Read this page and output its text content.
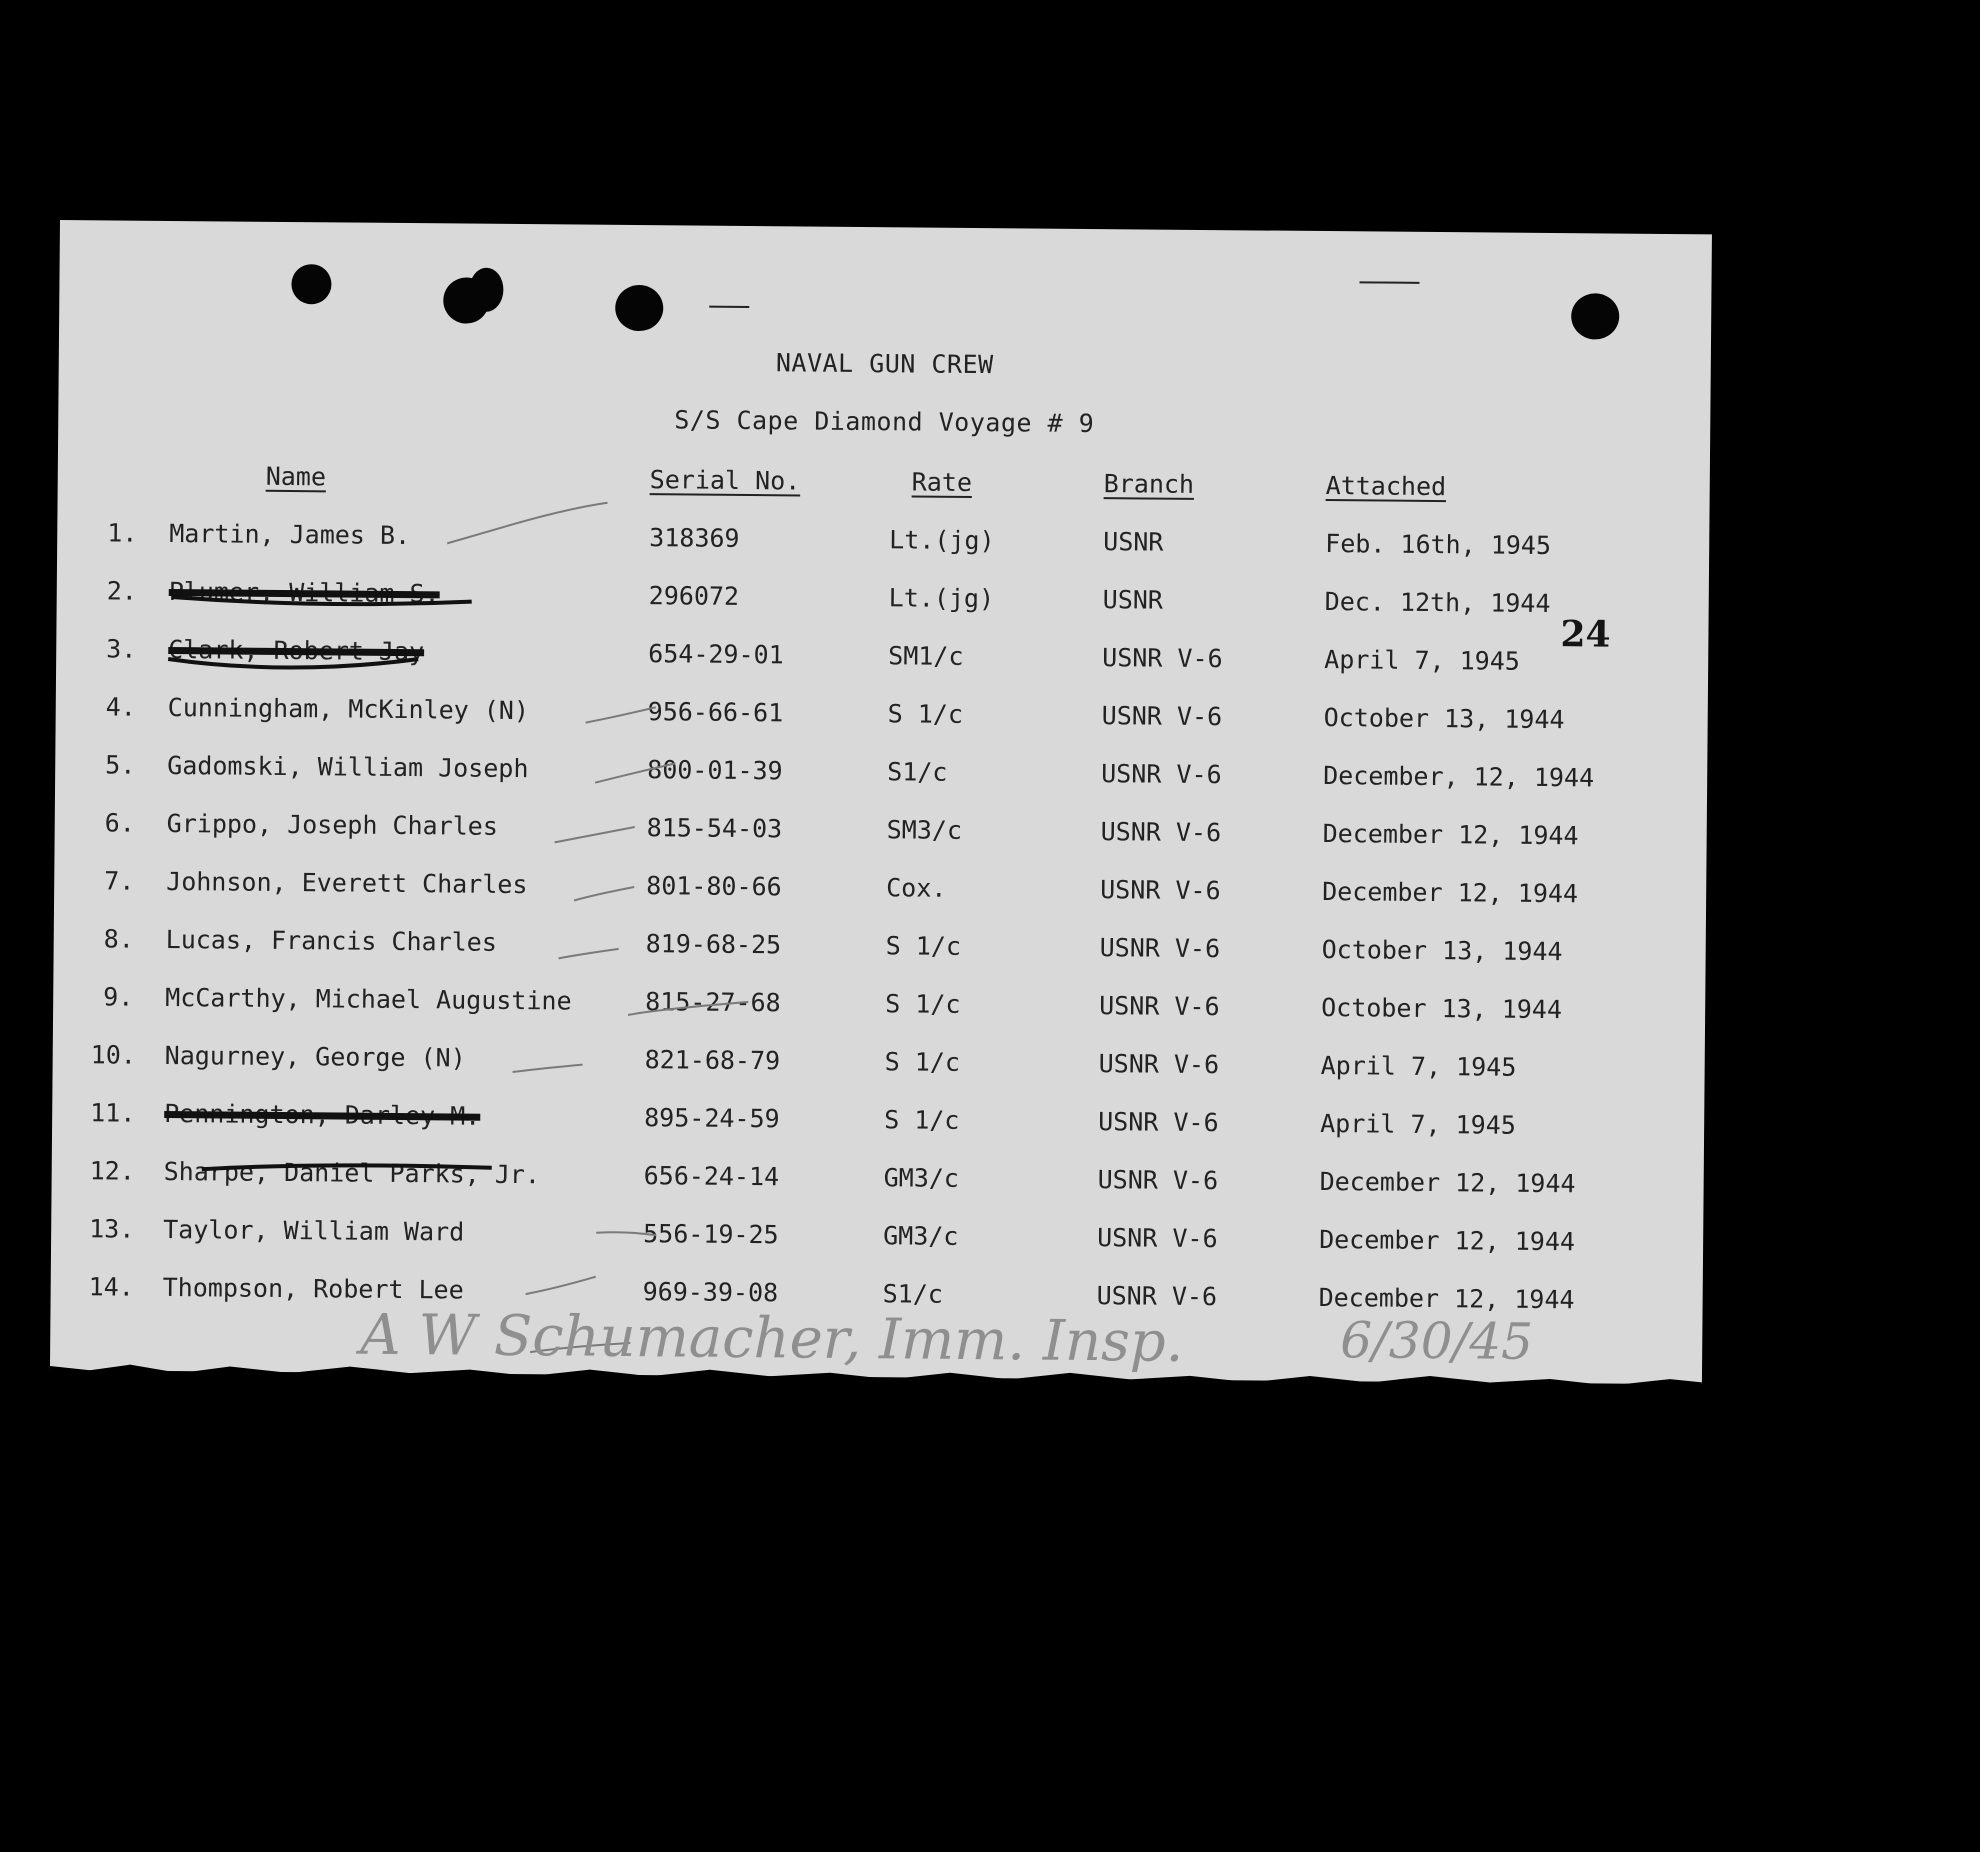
NAVAL GUN CREW
S/S Cape Diamond Voyage # 9
Name	Serial No.	Rate	Branch	Attached
24
1. Martin, James B.	318369	Lt.(jg)	USNR	Feb. 16th, 1945
2. Plumer, William S.	296072	Lt.(jg)	USNR	Dec. 12th, 1944
3. Clark, Robert Jay	654-29-01	SM1/c	USNR V-6	April 7, 1945
4. Cunningham, McKinley (N)	956-66-61	S 1/c	USNR V-6	October 13, 1944
5. Gadomski, William Joseph	800-01-39	S1/c	USNR V-6	December, 12, 1944
6. Grippo, Joseph Charles	815-54-03	SM3/c	USNR V-6	December 12, 1944
7. Johnson, Everett Charles	801-80-66	Cox.	USNR V-6	December 12, 1944
8. Lucas, Francis Charles	819-68-25	S 1/c	USNR V-6	October 13, 1944
9. McCarthy, Michael Augustine	815-27-68	S 1/c	USNR V-6	October 13, 1944
10. Nagurney, George (N)	821-68-79	S 1/c	USNR V-6	April 7, 1945
11. Pennington, Darley M.	895-24-59	S 1/c	USNR V-6	April 7, 1945
12. Sharpe, Daniel Parks, Jr.	656-24-14	GM3/c	USNR V-6	December 12, 1944
13. Taylor, William Ward	556-19-25	GM3/c	USNR V-6	December 12, 1944
14. Thompson, Robert Lee	969-39-08	S1/c	USNR V-6	December 12, 1944
A W Schumacher, Imm. Insp.	6/30/45
